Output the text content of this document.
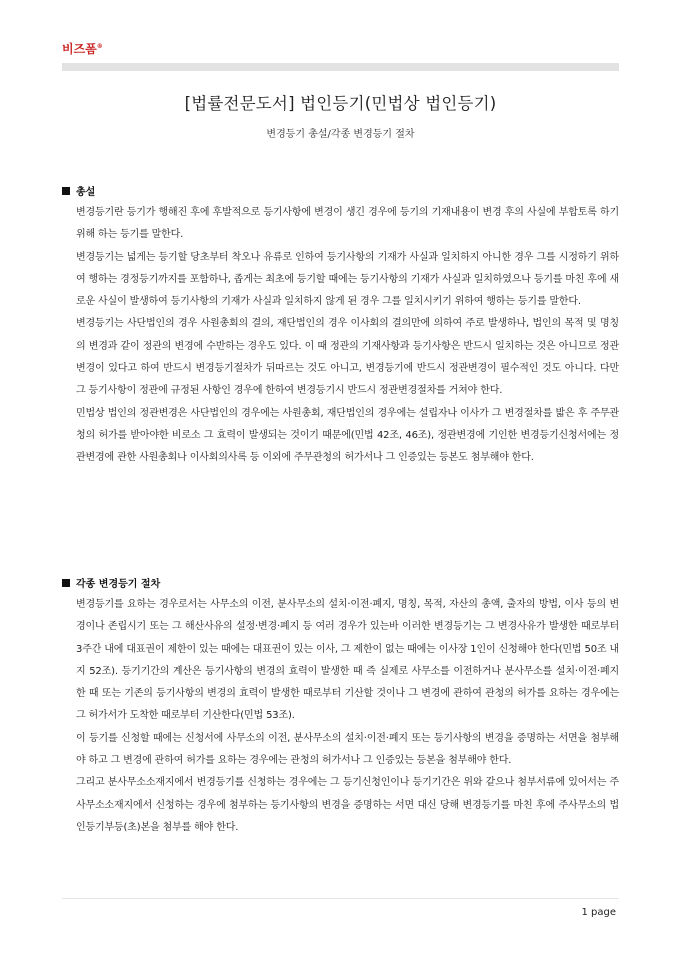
비즈폼®
[법률전문도서] 법인등기(민법상 법인등기)
변경등기 총설/각종 변경등기 절차
총설

변경등기란 등기가 행해진 후에 후발적으로 등기사항에 변경이 생긴 경우에 등기의 기재내용이 변경 후의 사실에 부합토록 하기 위해 하는 등기를 말한다.

변경등기는 넓게는 등기할 당초부터 착오나 유류로 인하여 등기사항의 기재가 사실과 일치하지 아니한 경우 그를 시정하기 위하여 행하는 경정등기까지를 포함하나, 좁게는 최초에 등기할 때에는 등기사항의 기재가 사실과 일치하였으나 등기를 마친 후에 새로운 사실이 발생하여 등기사항의 기재가 사실과 일치하지 않게 된 경우 그를 일치시키기 위하여 행하는 등기를 말한다.

변경등기는 사단법인의 경우 사원총회의 결의, 재단법인의 경우 이사회의 결의만에 의하여 주로 발생하나, 법인의 목적 및 명칭의 변경과 같이 정관의 변경에 수반하는 경우도 있다. 이 때 정관의 기재사항과 등기사항은 반드시 일치하는 것은 아니므로 정관변경이 있다고 하여 반드시 변경등기절차가 뒤따르는 것도 아니고, 변경등기에 반드시 정관변경이 필수적인 것도 아니다. 다만 그 등기사항이 정관에 규정된 사항인 경우에 한하여 변경등기시 반드시 정관변경절차를 거쳐야 한다.

민법상 법인의 정관변경은 사단법인의 경우에는 사원총회, 재단법인의 경우에는 설립자나 이사가 그 변경절차를 밟은 후 주무관청의 허가를 받아야한 비로소 그 효력이 발생되는 것이기 때문에(민법 42조, 46조), 정관변경에 기인한 변경등기신청서에는 정관변경에 관한 사원총회나 이사회의사록 등 이외에 주무관청의 허가서나 그 인증있는 등본도 첨부해야 한다.

각종 변경등기 절차

변경등기를 요하는 경우로서는 사무소의 이전, 분사무소의 설치·이전·폐지, 명칭, 목적, 자산의 총액, 출자의 방법, 이사 등의 변경이나 존립시기 또는 그 해산사유의 설정·변경·폐지 등 여러 경우가 있는바 이러한 변경등기는 그 변경사유가 발생한 때로부터 3주간 내에 대표권이 제한이 있는 때에는 대표권이 있는 이사, 그 제한이 없는 때에는 이사장 1인이 신청해야 한다(민법 50조 내지 52조). 등기기간의 계산은 등기사항의 변경의 효력이 발생한 때 즉 실제로 사무소를 이전하거나 분사무소를 설치·이전·폐지한 때 또는 기존의 등기사항의 변경의 효력이 발생한 때로부터 기산할 것이나 그 변경에 관하여 관청의 허가를 요하는 경우에는 그 허가서가 도착한 때로부터 기산한다(민법 53조).

이 등기를 신청할 때에는 신청서에 사무소의 이전, 분사무소의 설치·이전·폐지 또는 등기사항의 변경을 증명하는 서면을 첨부해야 하고 그 변경에 관하여 허가를 요하는 경우에는 관청의 허가서나 그 인증있는 등본을 첨부해야 한다.

그리고 분사무소소재지에서 변경등기를 신청하는 경우에는 그 등기신청인이나 등기기간은 위와 같으나 첨부서류에 있어서는 주사무소소재지에서 신청하는 경우에 첨부하는 등기사항의 변경을 증명하는 서면 대신 당해 변경등기를 마친 후에 주사무소의 법인등기부등(초)본을 첨부를 해야 한다.

1 page
